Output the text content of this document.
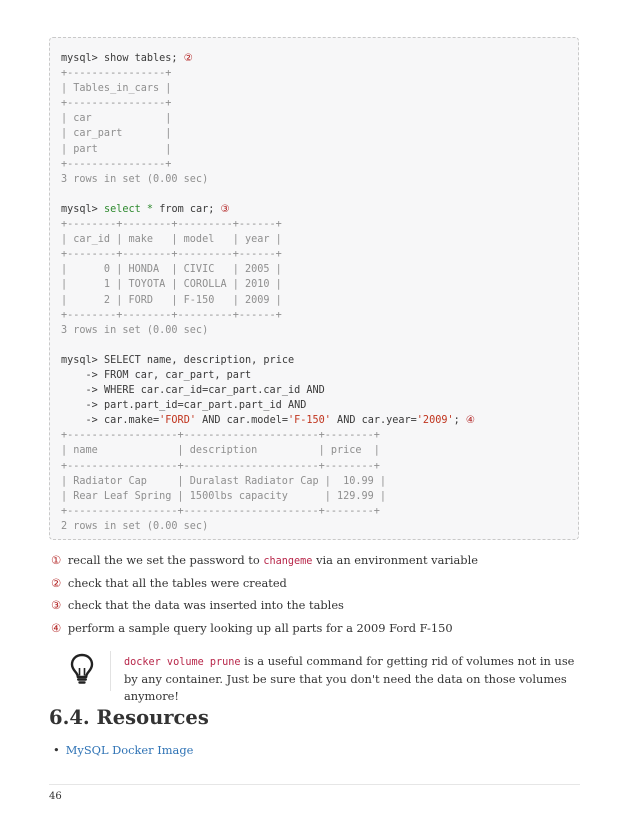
mysql> show tables; ②
+----------------+
| Tables_in_cars |
+----------------+
| car            |
| car_part       |
| part           |
+----------------+
3 rows in set (0.00 sec)

mysql> select * from car; ③
+--------+--------+---------+------+
| car_id | make   | model   | year |
+--------+--------+---------+------+
|      0 | HONDA  | CIVIC   | 2005 |
|      1 | TOYOTA | COROLLA | 2010 |
|      2 | FORD   | F-150   | 2009 |
+--------+--------+---------+------+
3 rows in set (0.00 sec)

mysql> SELECT name, description, price
-> FROM car, car_part, part
-> WHERE car.car_id=car_part.car_id AND
-> part.part_id=car_part.part_id AND
-> car.make='FORD' AND car.model='F-150' AND car.year='2009'; ④
+------------------+----------------------+--------+
| name             | description          | price  |
+------------------+----------------------+--------+
| Radiator Cap     | Duralast Radiator Cap |  10.99 |
| Rear Leaf Spring | 1500lbs capacity      | 129.99 |
+------------------+----------------------+--------+
2 rows in set (0.00 sec)
① recall the we set the password to changeme via an environment variable
② check that all the tables were created
③ check that the data was inserted into the tables
④ perform a sample query looking up all parts for a 2009 Ford F-150
docker volume prune is a useful command for getting rid of volumes not in use by any container. Just be sure that you don't need the data on those volumes anymore!
6.4. Resources
• MySQL Docker Image
46
